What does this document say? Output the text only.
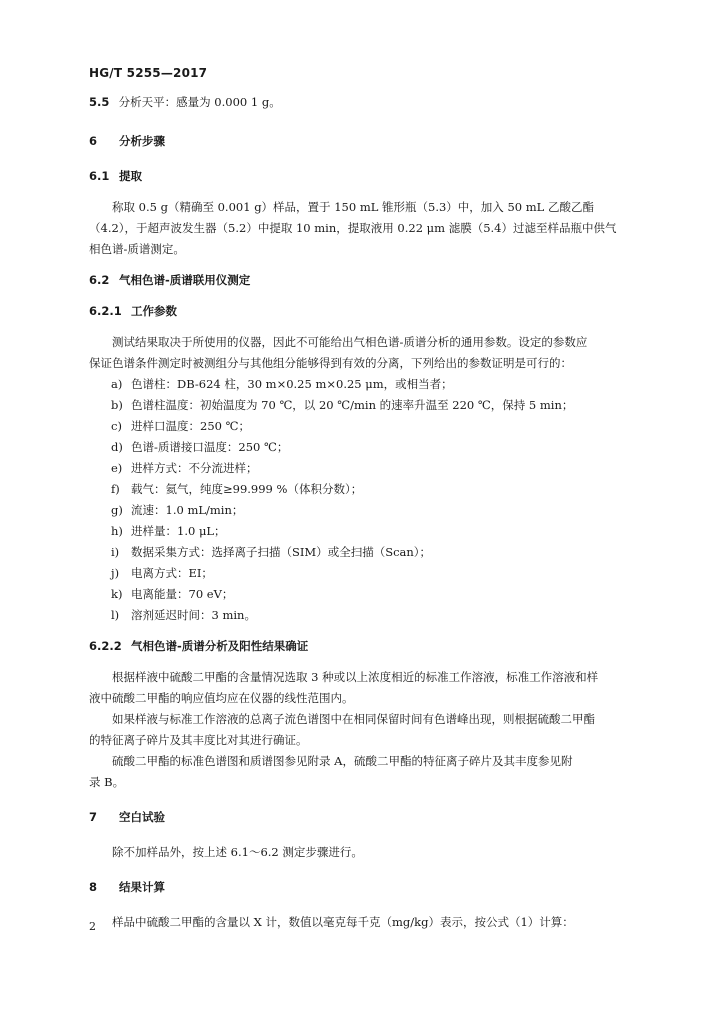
HG/T 5255—2017
5.5 分析天平：感量为 0.000 1 g。
6 分析步骤
6.1 提取
称取 0.5 g（精确至 0.001 g）样品，置于 150 mL 锥形瓶（5.3）中，加入 50 mL 乙酸乙酯
（4.2），于超声波发生器（5.2）中提取 10 min，提取液用 0.22 μm 滤膜（5.4）过滤至样品瓶中供气
相色谱-质谱测定。
6.2 气相色谱-质谱联用仪测定
6.2.1 工作参数
测试结果取决于所使用的仪器，因此不可能给出气相色谱-质谱分析的通用参数。设定的参数应
保证色谱条件测定时被测组分与其他组分能够得到有效的分离，下列给出的参数证明是可行的：
a) 色谱柱：DB-624 柱，30 m×0.25 m×0.25 μm，或相当者；
b) 色谱柱温度：初始温度为 70 ℃，以 20 ℃/min 的速率升温至 220 ℃，保持 5 min；
c) 进样口温度：250 ℃；
d) 色谱-质谱接口温度：250 ℃；
e) 进样方式：不分流进样；
f) 载气：氦气，纯度≥99.999 %（体积分数）；
g) 流速：1.0 mL/min；
h) 进样量：1.0 μL；
i) 数据采集方式：选择离子扫描（SIM）或全扫描（Scan）；
j) 电离方式：EI；
k) 电离能量：70 eV；
l) 溶剂延迟时间：3 min。
6.2.2 气相色谱-质谱分析及阳性结果确证
根据样液中硫酸二甲酯的含量情况选取 3 种或以上浓度相近的标准工作溶液，标准工作溶液和样
液中硫酸二甲酯的响应值均应在仪器的线性范围内。
如果样液与标准工作溶液的总离子流色谱图中在相同保留时间有色谱峰出现，则根据硫酸二甲酯
的特征离子碎片及其丰度比对其进行确证。
硫酸二甲酯的标准色谱图和质谱图参见附录 A，硫酸二甲酯的特征离子碎片及其丰度参见附
录 B。
7 空白试验
除不加样品外，按上述 6.1～6.2 测定步骤进行。
8 结果计算
样品中硫酸二甲酯的含量以 X 计，数值以毫克每千克（mg/kg）表示，按公式（1）计算：
2
